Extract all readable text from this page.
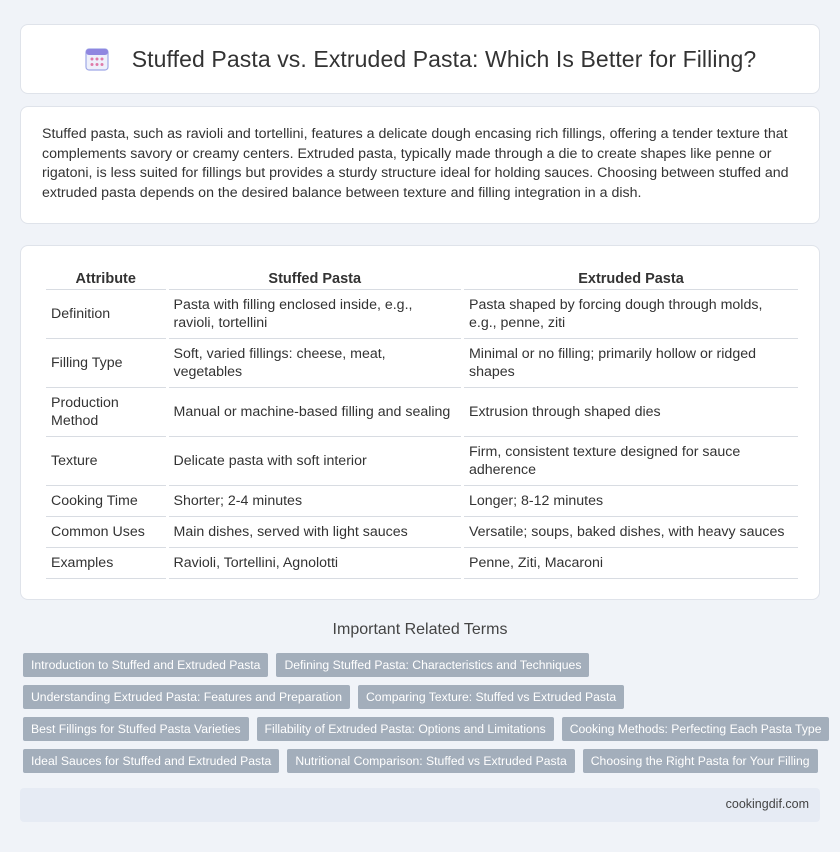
Stuffed Pasta vs. Extruded Pasta: Which Is Better for Filling?

Stuffed pasta, such as ravioli and tortellini, features a delicate dough encasing rich fillings, offering a tender texture that complements savory or creamy centers. Extruded pasta, typically made through a die to create shapes like penne or rigatoni, is less suited for fillings but provides a sturdy structure ideal for holding sauces. Choosing between stuffed and extruded pasta depends on the desired balance between texture and filling integration in a dish.

Attribute	Stuffed Pasta	Extruded Pasta
Definition	Pasta with filling enclosed inside, e.g., ravioli, tortellini	Pasta shaped by forcing dough through molds, e.g., penne, ziti
Filling Type	Soft, varied fillings: cheese, meat, vegetables	Minimal or no filling; primarily hollow or ridged shapes
Production Method	Manual or machine-based filling and sealing	Extrusion through shaped dies
Texture	Delicate pasta with soft interior	Firm, consistent texture designed for sauce adherence
Cooking Time	Shorter; 2-4 minutes	Longer; 8-12 minutes
Common Uses	Main dishes, served with light sauces	Versatile; soups, baked dishes, with heavy sauces
Examples	Ravioli, Tortellini, Agnolotti	Penne, Ziti, Macaroni
Important Related Terms
Introduction to Stuffed and Extruded Pasta	Defining Stuffed Pasta: Characteristics and Techniques
Understanding Extruded Pasta: Features and Preparation	Comparing Texture: Stuffed vs Extruded Pasta
Best Fillings for Stuffed Pasta Varieties	Fillability of Extruded Pasta: Options and Limitations	Cooking Methods: Perfecting Each Pasta Type
Ideal Sauces for Stuffed and Extruded Pasta	Nutritional Comparison: Stuffed vs Extruded Pasta	Choosing the Right Pasta for Your Filling
cookingdif.com
